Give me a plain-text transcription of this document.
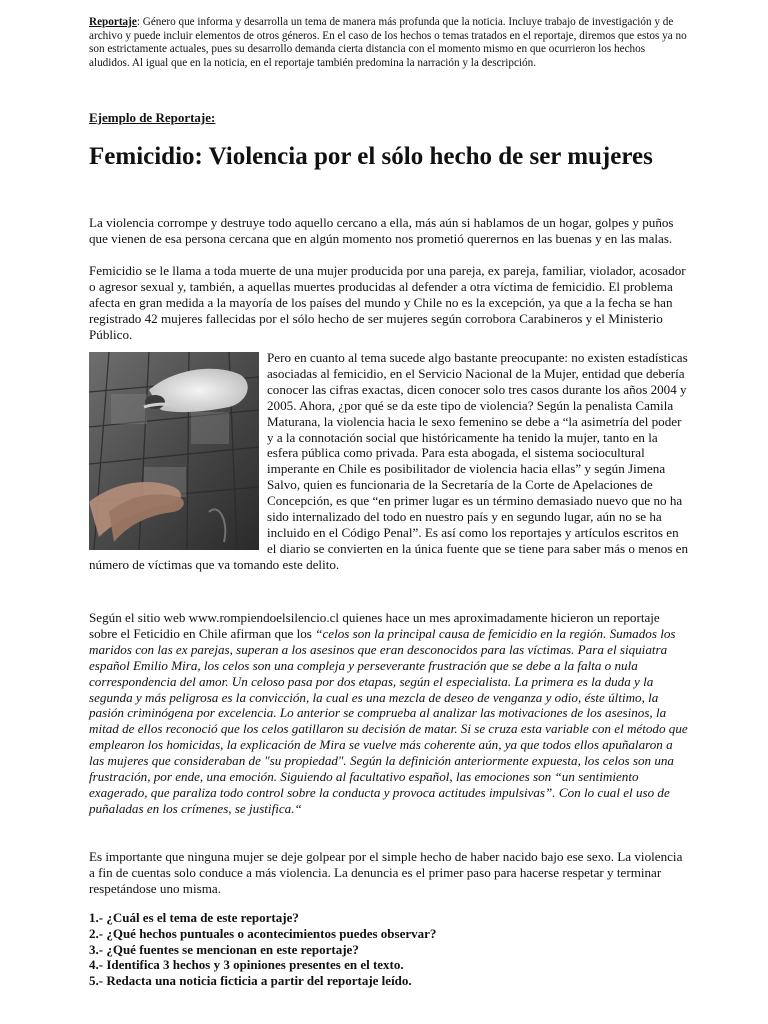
Reportaje: Género que informa y desarrolla un tema de manera más profunda que la noticia. Incluye trabajo de investigación y de archivo y puede incluir elementos de otros géneros. En el caso de los hechos o temas tratados en el reportaje, diremos que estos ya no son estrictamente actuales, pues su desarrollo demanda cierta distancia con el momento mismo en que ocurrieron los hechos aludidos. Al igual que en la noticia, en el reportaje también predomina la narración y la descripción.

Ejemplo de Reportaje:
Femicidio: Violencia por el sólo hecho de ser mujeres

La violencia corrompe y destruye todo aquello cercano a ella, más aún si hablamos de un hogar, golpes y puños que vienen de esa persona cercana que en algún momento nos prometió querernos en las buenas y en las malas.

Femicidio se le llama a toda muerte de una mujer producida por una pareja, ex pareja, familiar, violador, acosador o agresor sexual y, también, a aquellas muertes producidas al defender a otra víctima de femicidio. El problema afecta en gran medida a la mayoría de los países del mundo y Chile no es la excepción, ya que a la fecha se han registrado 42 mujeres fallecidas por el sólo hecho de ser mujeres según corrobora Carabineros y el Ministerio Público.

Pero en cuanto al tema sucede algo bastante preocupante: no existen estadísticas asociadas al femicidio, en el Servicio Nacional de la Mujer, entidad que debería conocer las cifras exactas, dicen conocer solo tres casos durante los años 2004 y 2005. Ahora, ¿por qué se da este tipo de violencia? Según la penalista Camila Maturana, la violencia hacia le sexo femenino se debe a “la asimetría del poder y a la connotación social que históricamente ha tenido la mujer, tanto en la esfera pública como privada. Para esta abogada, el sistema sociocultural imperante en Chile es posibilitador de violencia hacia ellas” y según Jimena Salvo, quien es funcionaria de la Secretaría de la Corte de Apelaciones de Concepción, es que “en primer lugar es un término demasiado nuevo que no ha sido internalizado del todo en nuestro país y en segundo lugar, aún no se ha incluido en el Código Penal”. Es así como los reportajes y artículos escritos en el diario se convierten en la única fuente que se tiene para saber más o menos en número de víctimas que va tomando este delito.

Según el sitio web www.rompiendoelsilencio.cl quienes hace un mes aproximadamente hicieron un reportaje sobre el Feticidio en Chile afirman que los “celos son la principal causa de femicidio en la región. Sumados los maridos con las ex parejas, superan a los asesinos que eran desconocidos para las víctimas. Para el siquiatra español Emilio Mira, los celos son una compleja y perseverante frustración que se debe a la falta o nula correspondencia del amor. Un celoso pasa por dos etapas, según el especialista. La primera es la duda y la segunda y más peligrosa es la convicción, la cual es una mezcla de deseo de venganza y odio, éste último, la pasión criminógena por excelencia. Lo anterior se comprueba al analizar las motivaciones de los asesinos, la mitad de ellos reconoció que los celos gatillaron su decisión de matar. Si se cruza esta variable con el método que emplearon los homicidas, la explicación de Mira se vuelve más coherente aún, ya que todos ellos apuñalaron a las mujeres que consideraban de "su propiedad". Según la definición anteriormente expuesta, los celos son una frustración, por ende, una emoción. Siguiendo al facultativo español, las emociones son “un sentimiento exagerado, que paraliza todo control sobre la conducta y provoca actitudes impulsivas”. Con lo cual el uso de puñaladas en los crímenes, se justifica.“

Es importante que ninguna mujer se deje golpear por el simple hecho de haber nacido bajo ese sexo. La violencia a fin de cuentas solo conduce a más violencia. La denuncia es el primer paso para hacerse respetar y terminar respetándose uno misma.

1.- ¿Cuál es el tema de este reportaje?
2.- ¿Qué hechos puntuales o acontecimientos puedes observar?
3.- ¿Qué fuentes se mencionan en este reportaje?
4.- Identifica 3 hechos y 3 opiniones presentes en el texto.
5.- Redacta una noticia ficticia a partir del reportaje leído.
